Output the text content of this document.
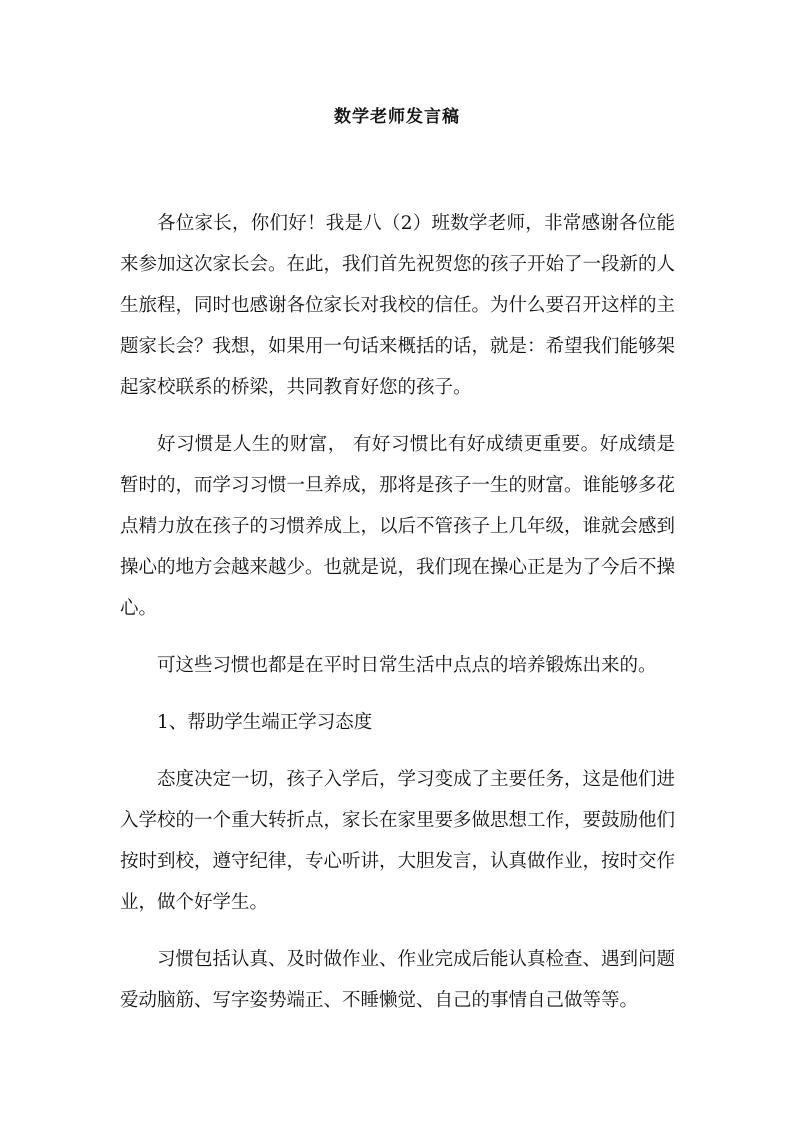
数学老师发言稿

各位家长，你们好！我是八（2）班数学老师，非常感谢各位能来参加这次家长会。在此，我们首先祝贺您的孩子开始了一段新的人生旅程，同时也感谢各位家长对我校的信任。为什么要召开这样的主题家长会？我想，如果用一句话来概括的话，就是：希望我们能够架起家校联系的桥梁，共同教育好您的孩子。

好习惯是人生的财富， 有好习惯比有好成绩更重要。好成绩是暂时的，而学习习惯一旦养成，那将是孩子一生的财富。谁能够多花点精力放在孩子的习惯养成上，以后不管孩子上几年级，谁就会感到操心的地方会越来越少。也就是说，我们现在操心正是为了今后不操心。

可这些习惯也都是在平时日常生活中点点的培养锻炼出来的。

1、帮助学生端正学习态度

态度决定一切，孩子入学后，学习变成了主要任务，这是他们进入学校的一个重大转折点，家长在家里要多做思想工作，要鼓励他们按时到校，遵守纪律，专心听讲，大胆发言，认真做作业，按时交作业，做个好学生。

习惯包括认真、及时做作业、作业完成后能认真检查、遇到问题爱动脑筋、写字姿势端正、不睡懒觉、自己的事情自己做等等。
